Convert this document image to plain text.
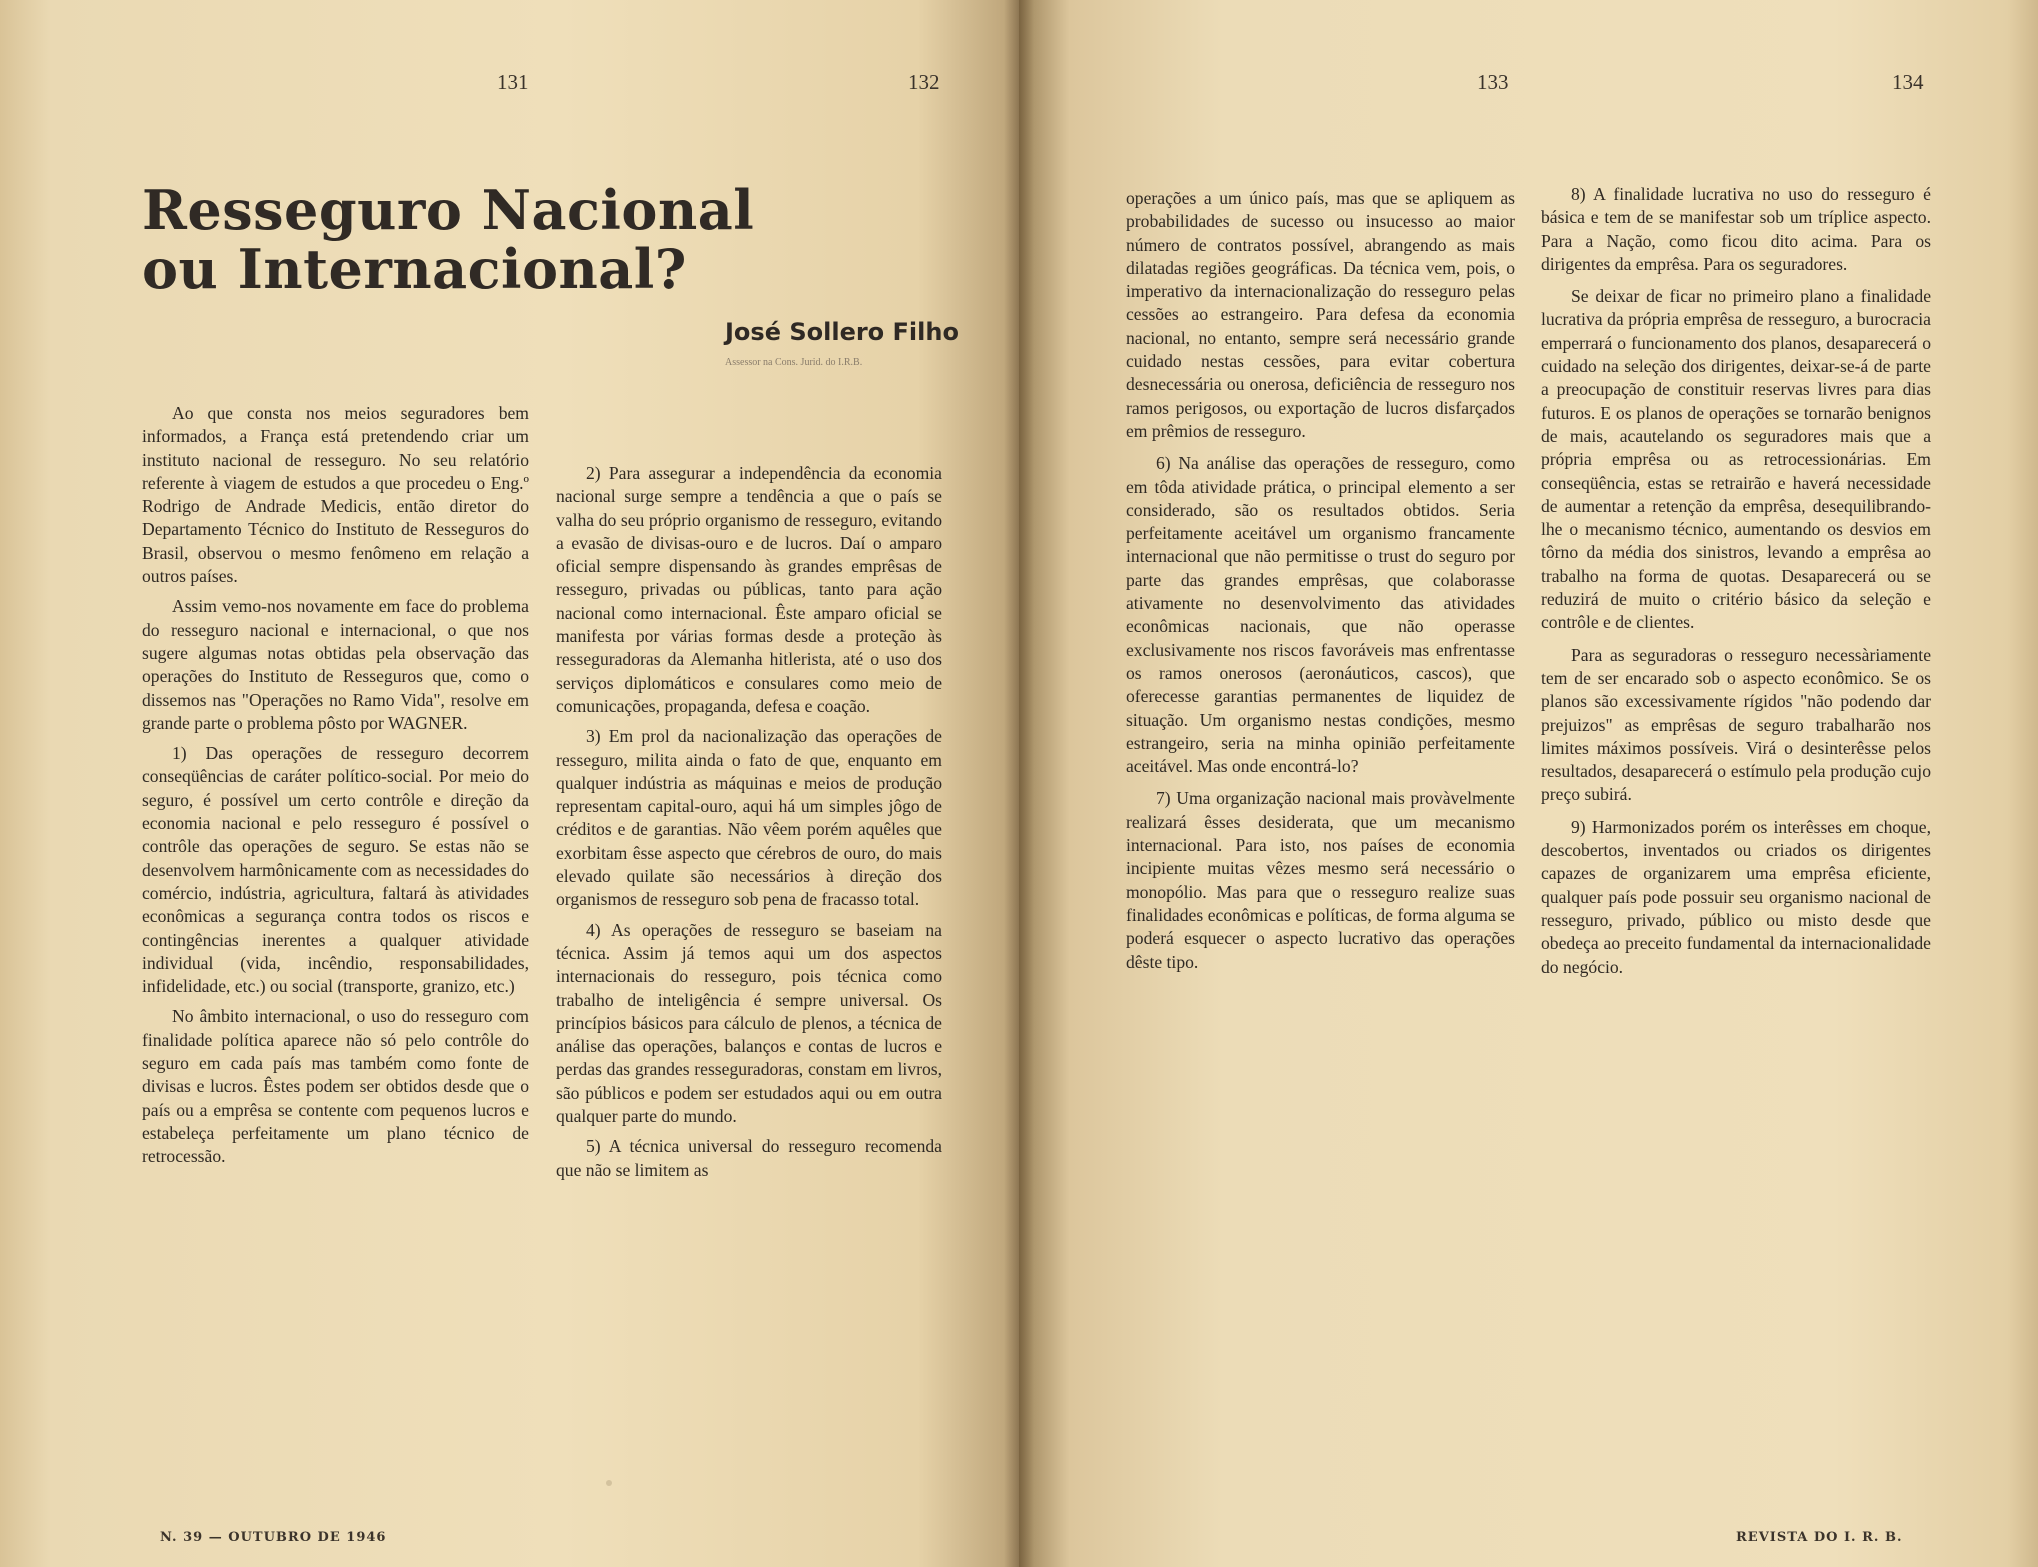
131	132
Resseguro Nacional
ou Internacional?
José Sollero Filho
Assessor na Cons. Jurid. do I.R.B.

Ao que consta nos meios seguradores bem informados, a França está pretendendo criar um instituto nacional de resseguro. No seu relatório referente à viagem de estudos a que procedeu o Eng.º Rodrigo de Andrade Medicis, então diretor do Departamento Técnico do Instituto de Resseguros do Brasil, observou o mesmo fenômeno em relação a outros países.

Assim vemo-nos novamente em face do problema do resseguro nacional e internacional, o que nos sugere algumas notas obtidas pela observação das operações do Instituto de Resseguros que, como o dissemos nas "Operações no Ramo Vida", resolve em grande parte o problema pôsto por WAGNER.

1) Das operações de resseguro decorrem conseqüências de caráter político-social. Por meio do seguro, é possível um certo contrôle e direção da economia nacional e pelo resseguro é possível o contrôle das operações de seguro. Se estas não se desenvolvem harmônicamente com as necessidades do comércio, indústria, agricultura, faltará às atividades econômicas a segurança contra todos os riscos e contingências inerentes a qualquer atividade individual (vida, incêndio, responsabilidades, infidelidade, etc.) ou social (transporte, granizo, etc.)

No âmbito internacional, o uso do resseguro com finalidade política aparece não só pelo contrôle do seguro em cada país mas também como fonte de divisas e lucros. Êstes podem ser obtidos desde que o país ou a emprêsa se contente com pequenos lucros e estabeleça perfeitamente um plano técnico de retrocessão.

2) Para assegurar a independência da economia nacional surge sempre a tendência a que o país se valha do seu próprio organismo de resseguro, evitando a evasão de divisas-ouro e de lucros. Daí o amparo oficial sempre dispensando às grandes emprêsas de resseguro, privadas ou públicas, tanto para ação nacional como internacional. Êste amparo oficial se manifesta por várias formas desde a proteção às resseguradoras da Alemanha hitlerista, até o uso dos serviços diplomáticos e consulares como meio de comunicações, propaganda, defesa e coação.

3) Em prol da nacionalização das operações de resseguro, milita ainda o fato de que, enquanto em qualquer indústria as máquinas e meios de produção representam capital-ouro, aqui há um simples jôgo de créditos e de garantias. Não vêem porém aquêles que exorbitam êsse aspecto que cérebros de ouro, do mais elevado quilate são necessários à direção dos organismos de resseguro sob pena de fracasso total.

4) As operações de resseguro se baseiam na técnica. Assim já temos aqui um dos aspectos internacionais do resseguro, pois técnica como trabalho de inteligência é sempre universal. Os princípios básicos para cálculo de plenos, a técnica de análise das operações, balanços e contas de lucros e perdas das grandes resseguradoras, constam em livros, são públicos e podem ser estudados aqui ou em outra qualquer parte do mundo.

5) A técnica universal do resseguro recomenda que não se limitem as

N. 39 — OUTUBRO DE 1946
133	134

operações a um único país, mas que se apliquem as probabilidades de sucesso ou insucesso ao maior número de contratos possível, abrangendo as mais dilatadas regiões geográficas. Da técnica vem, pois, o imperativo da internacionalização do resseguro pelas cessões ao estrangeiro. Para defesa da economia nacional, no entanto, sempre será necessário grande cuidado nestas cessões, para evitar cobertura desnecessária ou onerosa, deficiência de resseguro nos ramos perigosos, ou exportação de lucros disfarçados em prêmios de resseguro.

6) Na análise das operações de resseguro, como em tôda atividade prática, o principal elemento a ser considerado, são os resultados obtidos. Seria perfeitamente aceitável um organismo francamente internacional que não permitisse o trust do seguro por parte das grandes emprêsas, que colaborasse ativamente no desenvolvimento das atividades econômicas nacionais, que não operasse exclusivamente nos riscos favoráveis mas enfrentasse os ramos onerosos (aeronáuticos, cascos), que oferecesse garantias permanentes de liquidez de situação. Um organismo nestas condições, mesmo estrangeiro, seria na minha opinião perfeitamente aceitável. Mas onde encontrá-lo?

7) Uma organização nacional mais provàvelmente realizará êsses desiderata, que um mecanismo internacional. Para isto, nos países de economia incipiente muitas vêzes mesmo será necessário o monopólio. Mas para que o resseguro realize suas finalidades econômicas e políticas, de forma alguma se poderá esquecer o aspecto lucrativo das operações dêste tipo.

8) A finalidade lucrativa no uso do resseguro é básica e tem de se manifestar sob um tríplice aspecto. Para a Nação, como ficou dito acima. Para os dirigentes da emprêsa. Para os seguradores.

Se deixar de ficar no primeiro plano a finalidade lucrativa da própria emprêsa de resseguro, a burocracia emperrará o funcionamento dos planos, desaparecerá o cuidado na seleção dos dirigentes, deixar-se-á de parte a preocupação de constituir reservas livres para dias futuros. E os planos de operações se tornarão benignos de mais, acautelando os seguradores mais que a própria emprêsa ou as retrocessionárias. Em conseqüência, estas se retrairão e haverá necessidade de aumentar a retenção da emprêsa, desequilibrando-lhe o mecanismo técnico, aumentando os desvios em tôrno da média dos sinistros, levando a emprêsa ao trabalho na forma de quotas. Desaparecerá ou se reduzirá de muito o critério básico da seleção e contrôle e de clientes.

Para as seguradoras o resseguro necessàriamente tem de ser encarado sob o aspecto econômico. Se os planos são excessivamente rígidos "não podendo dar prejuizos" as emprêsas de seguro trabalharão nos limites máximos possíveis. Virá o desinterêsse pelos resultados, desaparecerá o estímulo pela produção cujo preço subirá.

9) Harmonizados porém os interêsses em choque, descobertos, inventados ou criados os dirigentes capazes de organizarem uma emprêsa eficiente, qualquer país pode possuir seu organismo nacional de resseguro, privado, público ou misto desde que obedeça ao preceito fundamental da internacionalidade do negócio.

REVISTA DO I. R. B.
